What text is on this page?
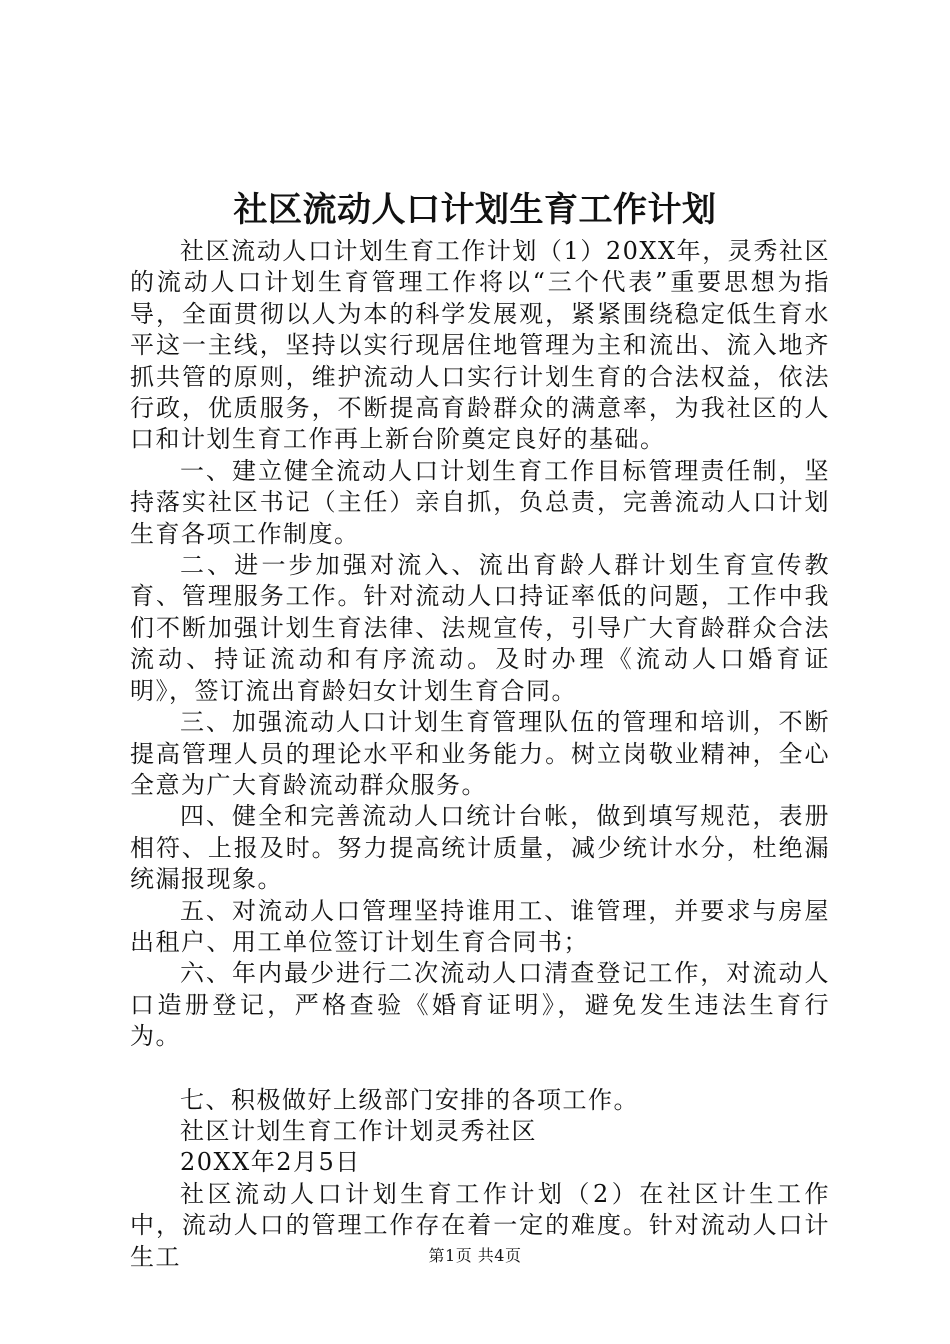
社区流动人口计划生育工作计划

社区流动人口计划生育工作计划（1）20XX年，灵秀社区的流动人口计划生育管理工作将以“三个代表”重要思想为指导，全面贯彻以人为本的科学发展观，紧紧围绕稳定低生育水平这一主线，坚持以实行现居住地管理为主和流出、流入地齐抓共管的原则，维护流动人口实行计划生育的合法权益，依法行政，优质服务，不断提高育龄群众的满意率，为我社区的人口和计划生育工作再上新台阶奠定良好的基础。

一、建立健全流动人口计划生育工作目标管理责任制，坚持落实社区书记（主任）亲自抓，负总责，完善流动人口计划生育各项工作制度。

二、进一步加强对流入、流出育龄人群计划生育宣传教育、管理服务工作。针对流动人口持证率低的问题，工作中我们不断加强计划生育法律、法规宣传，引导广大育龄群众合法流动、持证流动和有序流动。及时办理《流动人口婚育证明》，签订流出育龄妇女计划生育合同。

三、加强流动人口计划生育管理队伍的管理和培训，不断提高管理人员的理论水平和业务能力。树立岗敬业精神，全心全意为广大育龄流动群众服务。

四、健全和完善流动人口统计台帐，做到填写规范，表册相符、上报及时。努力提高统计质量，减少统计水分，杜绝漏统漏报现象。

五、对流动人口管理坚持谁用工、谁管理，并要求与房屋出租户、用工单位签订计划生育合同书；

六、年内最少进行二次流动人口清查登记工作，对流动人口造册登记，严格查验《婚育证明》，避免发生违法生育行为。

七、积极做好上级部门安排的各项工作。

社区计划生育工作计划灵秀社区

20XX年2月5日

社区流动人口计划生育工作计划（2）在社区计生工作中，流动人口的管理工作存在着一定的难度。针对流动人口计生工	第1页 共4页
